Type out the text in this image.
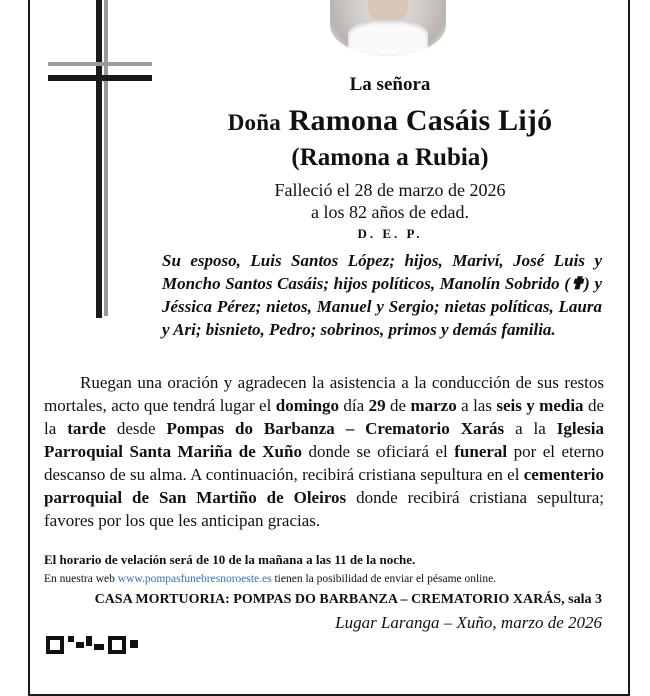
La señora
Doña Ramona Casáis Lijó
(Ramona a Rubia)
Falleció el 28 de marzo de 2026
a los 82 años de edad.
D. E. P.
Su esposo, Luis Santos López; hijos, Mariví, José Luis y Moncho Santos Casáis; hijos políticos, Manolín Sobrido (✟) y Jéssica Pérez; nietos, Manuel y Sergio; nietas políticas, Laura y Ari; bisnieto, Pedro; sobrinos, primos y demás familia.

Ruegan una oración y agradecen la asistencia a la conducción de sus restos mortales, acto que tendrá lugar el domingo día 29 de marzo a las seis y media de la tarde desde Pompas do Barbanza – Crematorio Xarás a la Iglesia Parroquial Santa Mariña de Xuño donde se oficiará el funeral por el eterno descanso de su alma. A continuación, recibirá cristiana sepultura en el cementerio parroquial de San Martiño de Oleiros donde recibirá cristiana sepultura; favores por los que les anticipan gracias.

El horario de velación será de 10 de la mañana a las 11 de la noche.
En nuestra web www.pompasfunebresnoroeste.es tienen la posibilidad de enviar el pésame online.
CASA MORTUORIA: POMPAS DO BARBANZA – CREMATORIO XARÁS, sala 3
Lugar Laranga – Xuño, marzo de 2026
